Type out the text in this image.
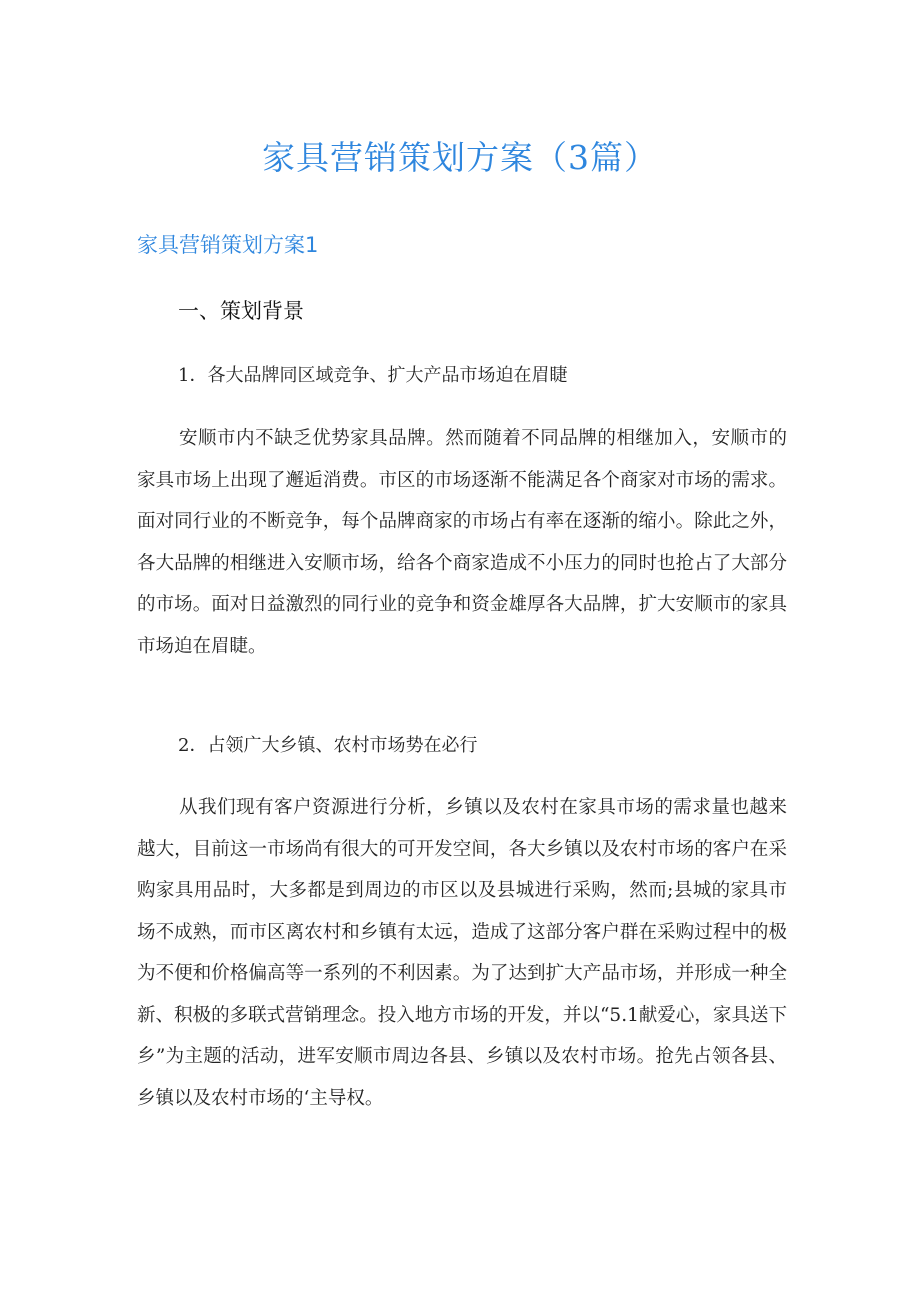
家具营销策划方案（3篇）
家具营销策划方案1
一、策划背景
1．各大品牌同区域竞争、扩大产品市场迫在眉睫

安顺市内不缺乏优势家具品牌。然而随着不同品牌的相继加入，安顺市的家具市场上出现了邂逅消费。市区的市场逐渐不能满足各个商家对市场的需求。面对同行业的不断竞争，每个品牌商家的市场占有率在逐渐的缩小。除此之外，各大品牌的相继进入安顺市场，给各个商家造成不小压力的同时也抢占了大部分的市场。面对日益激烈的同行业的竞争和资金雄厚各大品牌，扩大安顺市的家具市场迫在眉睫。

2．占领广大乡镇、农村市场势在必行

从我们现有客户资源进行分析，乡镇以及农村在家具市场的需求量也越来越大，目前这一市场尚有很大的可开发空间，各大乡镇以及农村市场的客户在采购家具用品时，大多都是到周边的市区以及县城进行采购，然而;县城的家具市场不成熟，而市区离农村和乡镇有太远，造成了这部分客户群在采购过程中的极为不便和价格偏高等一系列的不利因素。为了达到扩大产品市场，并形成一种全新、积极的多联式营销理念。投入地方市场的开发，并以“5.1献爱心，家具送下乡”为主题的活动，进军安顺市周边各县、乡镇以及农村市场。抢先占领各县、乡镇以及农村市场的‘主导权。
